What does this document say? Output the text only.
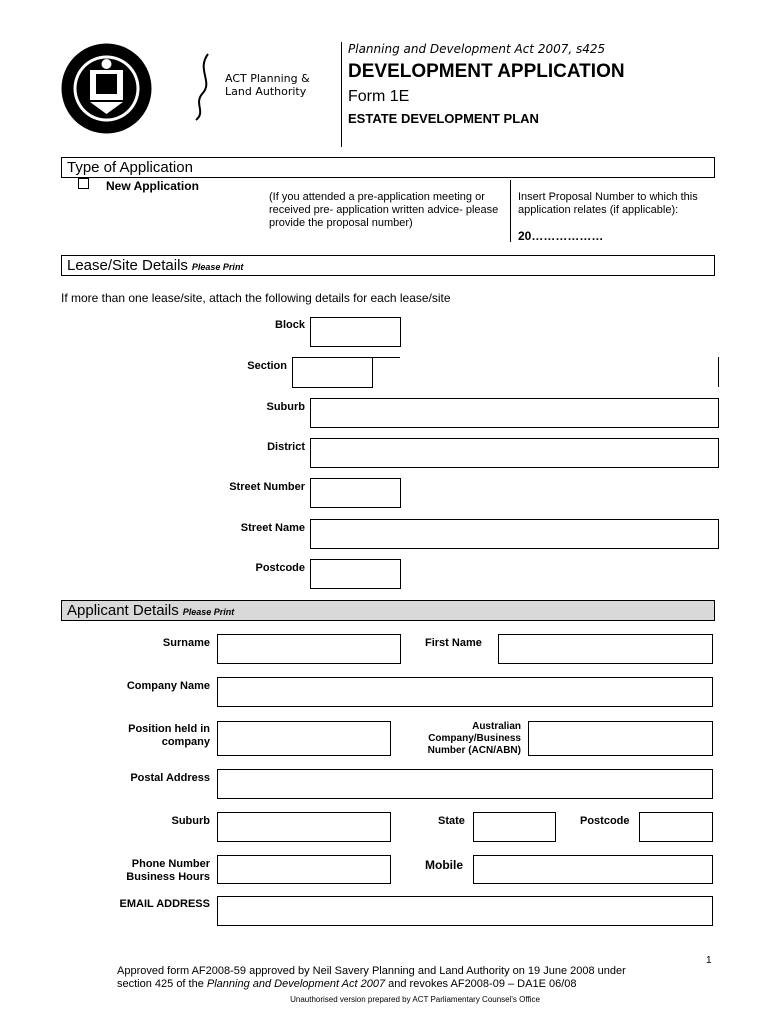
ACT Planning &
Land Authority
Planning and Development Act 2007, s425
DEVELOPMENT APPLICATION
Form 1E
ESTATE DEVELOPMENT PLAN
Type of Application
New Application
(If you attended a pre-application meeting or received pre- application written advice- please provide the proposal number)
Insert Proposal Number to which this application relates (if applicable):
20………………
Lease/Site Details Please Print
If more than one lease/site, attach the following details for each lease/site
Block
Section
Suburb
District
Street Number
Street Name
Postcode
Applicant Details Please Print
Surname	First Name
Company Name
Position held in
company
Australian
Company/Business
Number (ACN/ABN)
Postal Address
Suburb	State	Postcode
Phone Number
Business Hours
Mobile
EMAIL ADDRESS
1
Approved form AF2008-59 approved by Neil Savery Planning and Land Authority on 19 June 2008 under
section 425 of the Planning and Development Act 2007 and revokes AF2008-09 – DA1E 06/08
Unauthorised version prepared by ACT Parliamentary Counsel's Office
